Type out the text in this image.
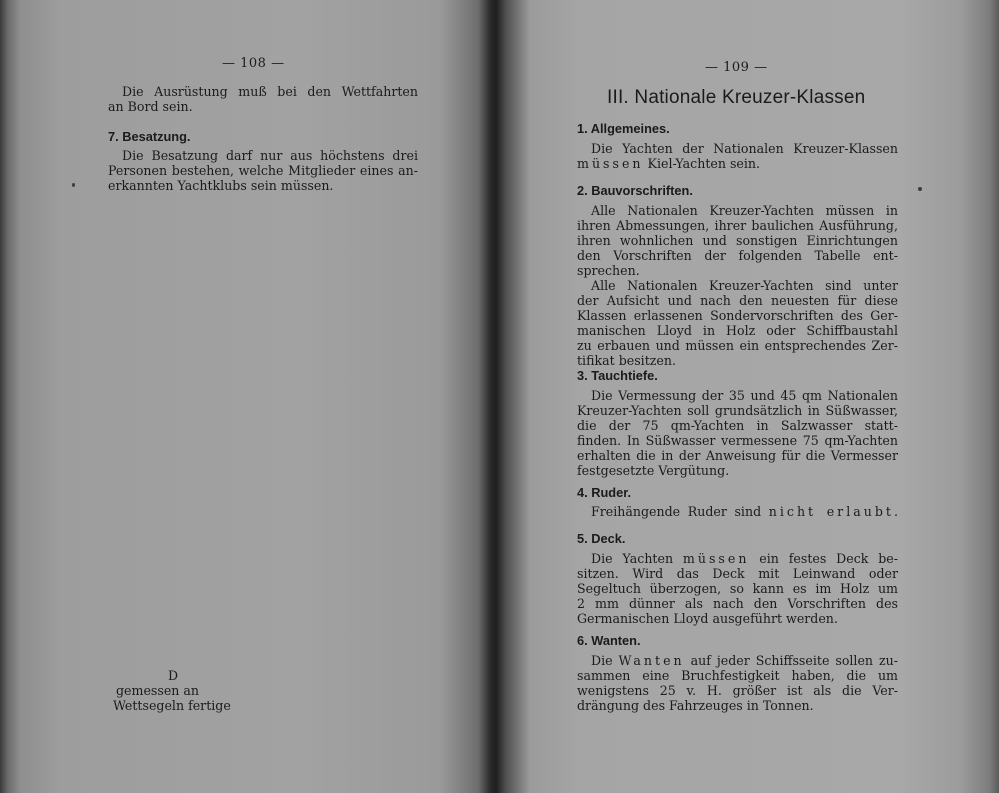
— 108 —
Die Ausrüstung muß bei den Wettfahrten
an Bord sein.
7. Besatzung.
Die Besatzung darf nur aus höchstens drei
Personen bestehen, welche Mitglieder eines an-
erkannten Yachtklubs sein müssen.
D
gemessen an
Wettsegeln fertige
— 109 —
III. Nationale Kreuzer-Klassen
1. Allgemeines.
Die Yachten der Nationalen Kreuzer-Klassen
müssen Kiel-Yachten sein.
2. Bauvorschriften.
Alle Nationalen Kreuzer-Yachten müssen in
ihren Abmessungen, ihrer baulichen Ausführung,
ihren wohnlichen und sonstigen Einrichtungen
den Vorschriften der folgenden Tabelle ent-
sprechen.
Alle Nationalen Kreuzer-Yachten sind unter
der Aufsicht und nach den neuesten für diese
Klassen erlassenen Sondervorschriften des Ger-
manischen Lloyd in Holz oder Schiffbaustahl
zu erbauen und müssen ein entsprechendes Zer-
tifikat besitzen.
3. Tauchtiefe.
Die Vermessung der 35 und 45 qm Nationalen
Kreuzer-Yachten soll grundsätzlich in Süßwasser,
die der 75 qm-Yachten in Salzwasser statt-
finden. In Süßwasser vermessene 75 qm-Yachten
erhalten die in der Anweisung für die Vermesser
festgesetzte Vergütung.
4. Ruder.
Freihängende Ruder sind nicht erlaubt.
5. Deck.
Die Yachten müssen ein festes Deck be-
sitzen. Wird das Deck mit Leinwand oder
Segeltuch überzogen, so kann es im Holz um
2 mm dünner als nach den Vorschriften des
Germanischen Lloyd ausgeführt werden.
6. Wanten.
Die Wanten auf jeder Schiffsseite sollen zu-
sammen eine Bruchfestigkeit haben, die um
wenigstens 25 v. H. größer ist als die Ver-
drängung des Fahrzeuges in Tonnen.
